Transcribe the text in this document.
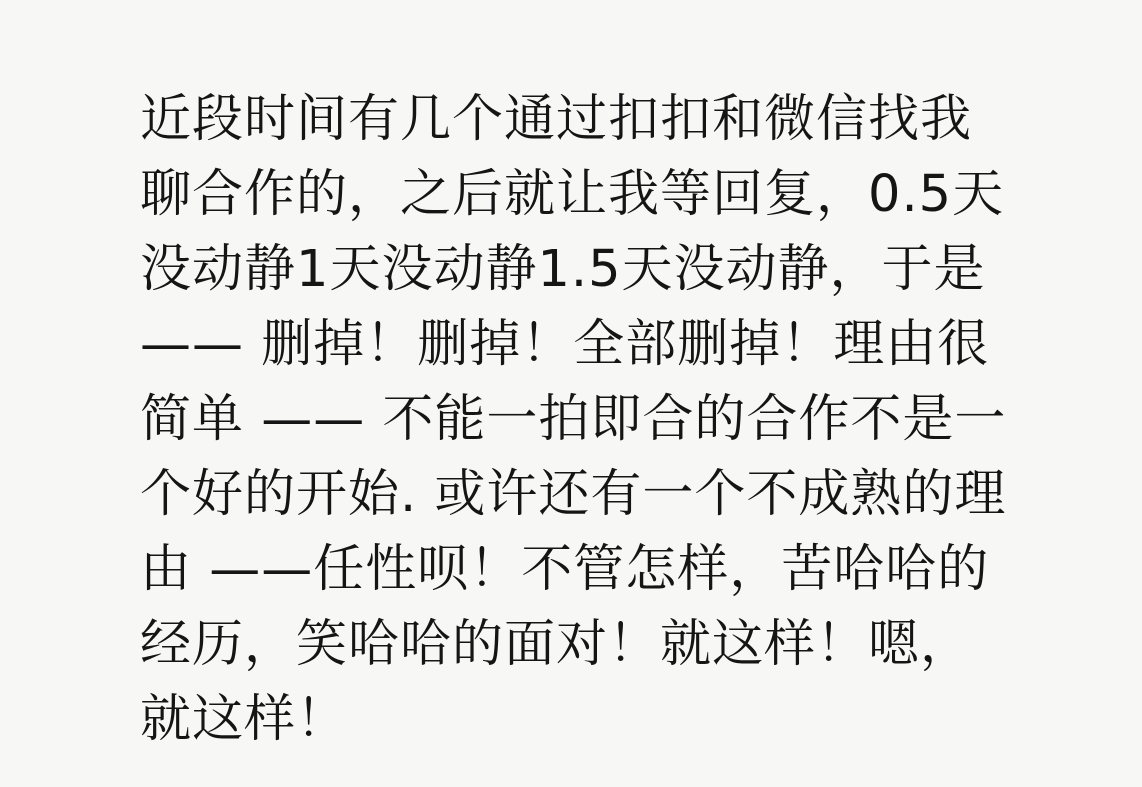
近段时间有几个通过扣扣和微信找我聊合作的，之后就让我等回复，0.5天没动静1天没动静1.5天没动静，于是 —— 删掉！删掉！全部删掉！理由很简单 —— 不能一拍即合的合作不是一个好的开始. 或许还有一个不成熟的理由 ——任性呗！不管怎样，苦哈哈的经历，笑哈哈的面对！就这样！嗯，就这样！
